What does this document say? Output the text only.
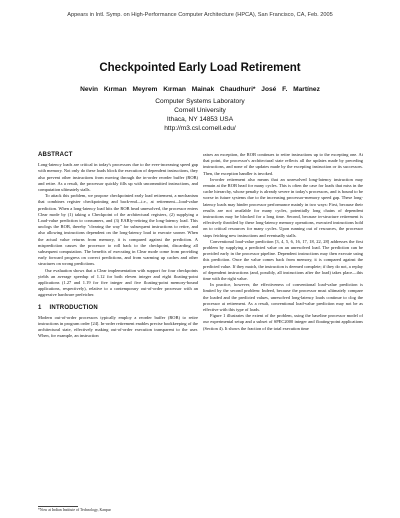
Appears in Intl. Symp. on High-Performance Computer Architecture (HPCA), San Francisco, CA, Feb. 2005
Checkpointed Early Load Retirement
Nevin Kırman Meyrem Kırman Mainak Chaudhuri* José F. Martínez
Computer Systems Laboratory
Cornell University
Ithaca, NY 14853 USA
http://m3.csl.cornell.edu/
ABSTRACT

Long-latency loads are critical in today's processors due to the ever-increasing speed gap with memory. Not only do these loads block the execution of dependent instructions, they also prevent other instructions from moving through the in-order reorder buffer (ROB) and retire. As a result, the processor quickly fills up with uncommitted instructions, and computation ultimately stalls.

To attack this problem, we propose checkpointed early load retirement, a mechanism that combines register checkpointing and back-end—i.e., at retirement—load-value prediction. When a long-latency load hits the ROB head unresolved, the processor enters Clear mode by (1) taking a Checkpoint of the architectural registers, (2) supplying a Load-value prediction to consumers, and (3) EARly-retiring the long-latency load. This unclogs the ROB, thereby "clearing the way" for subsequent instructions to retire, and also allowing instructions dependent on the long-latency load to execute sooner. When the actual value returns from memory, it is compared against the prediction. A misprediction causes the processor to roll back to the checkpoint, discarding all subsequent computation. The benefits of executing in Clear mode come from providing early forward progress on correct predictions, and from warming up caches and other structures on wrong predictions.

Our evaluation shows that a Clear implementation with support for four checkpoints yields an average speedup of 1.12 for both eleven integer and eight floating-point applications (1.27 and 1.19 for five integer and five floating-point memory-bound applications, respectively), relative to a contemporary out-of-order processor with an aggressive hardware prefetcher.

1 INTRODUCTION

Modern out-of-order processors typically employ a reorder buffer (ROB) to retire instructions in program order [24]. In-order retirement enables precise bookkeeping of the architectural state, effectively making out-of-order execution transparent to the user. When, for example, an instruction

raises an exception, the ROB continues to retire instructions up to the excepting one. At that point, the processor's architectural state reflects all the updates made by preceding instructions, and none of the updates made by the excepting instruction or its successors. Then, the exception handler is invoked.

In-order retirement also means that an unresolved long-latency instruction may remain at the ROB head for many cycles. This is often the case for loads that miss in the cache hierarchy, whose penalty is already severe in today's processors, and is bound to be worse in future systems due to the increasing processor-memory speed gap. These long-latency loads may hinder processor performance mainly in two ways: First, because their results are not available for many cycles, potentially long chains of dependent instructions may be blocked for a long time. Second, because in-structure retirement is effectively throttled by these long-latency memory operations, executed instructions hold on to critical resources for many cycles. Upon running out of resources, the processor stops fetching new instructions and eventually stalls.

Conventional load-value prediction [3, 4, 5, 6, 16, 17, 18, 22, 28] addresses the first problem by supplying a predicted value on an unresolved load. The prediction can be provided early in the processor pipeline. Dependent instructions may then execute using this prediction. Once the value comes back from memory, it is compared against the predicted value. If they match, the instruction is deemed complete; if they do not, a replay of dependent instructions (and, possibly, all instructions after the load) takes place—this time with the right value.

In practice, however, the effectiveness of conventional load-value prediction is limited by the second problem: Indeed, because the processor must ultimately compare the loaded and the predicted values, unresolved long-latency loads continue to clog the processor at retirement. As a result, conventional load-value prediction may not be as effective with this type of loads.

Figure 1 illustrates the extent of the problem, using the baseline processor model of our experimental setup and a subset of SPEC2000 integer and floating-point applications (Section 4). It shows the fraction of the total execution time

*Now at Indian Institute of Technology, Kanpur
